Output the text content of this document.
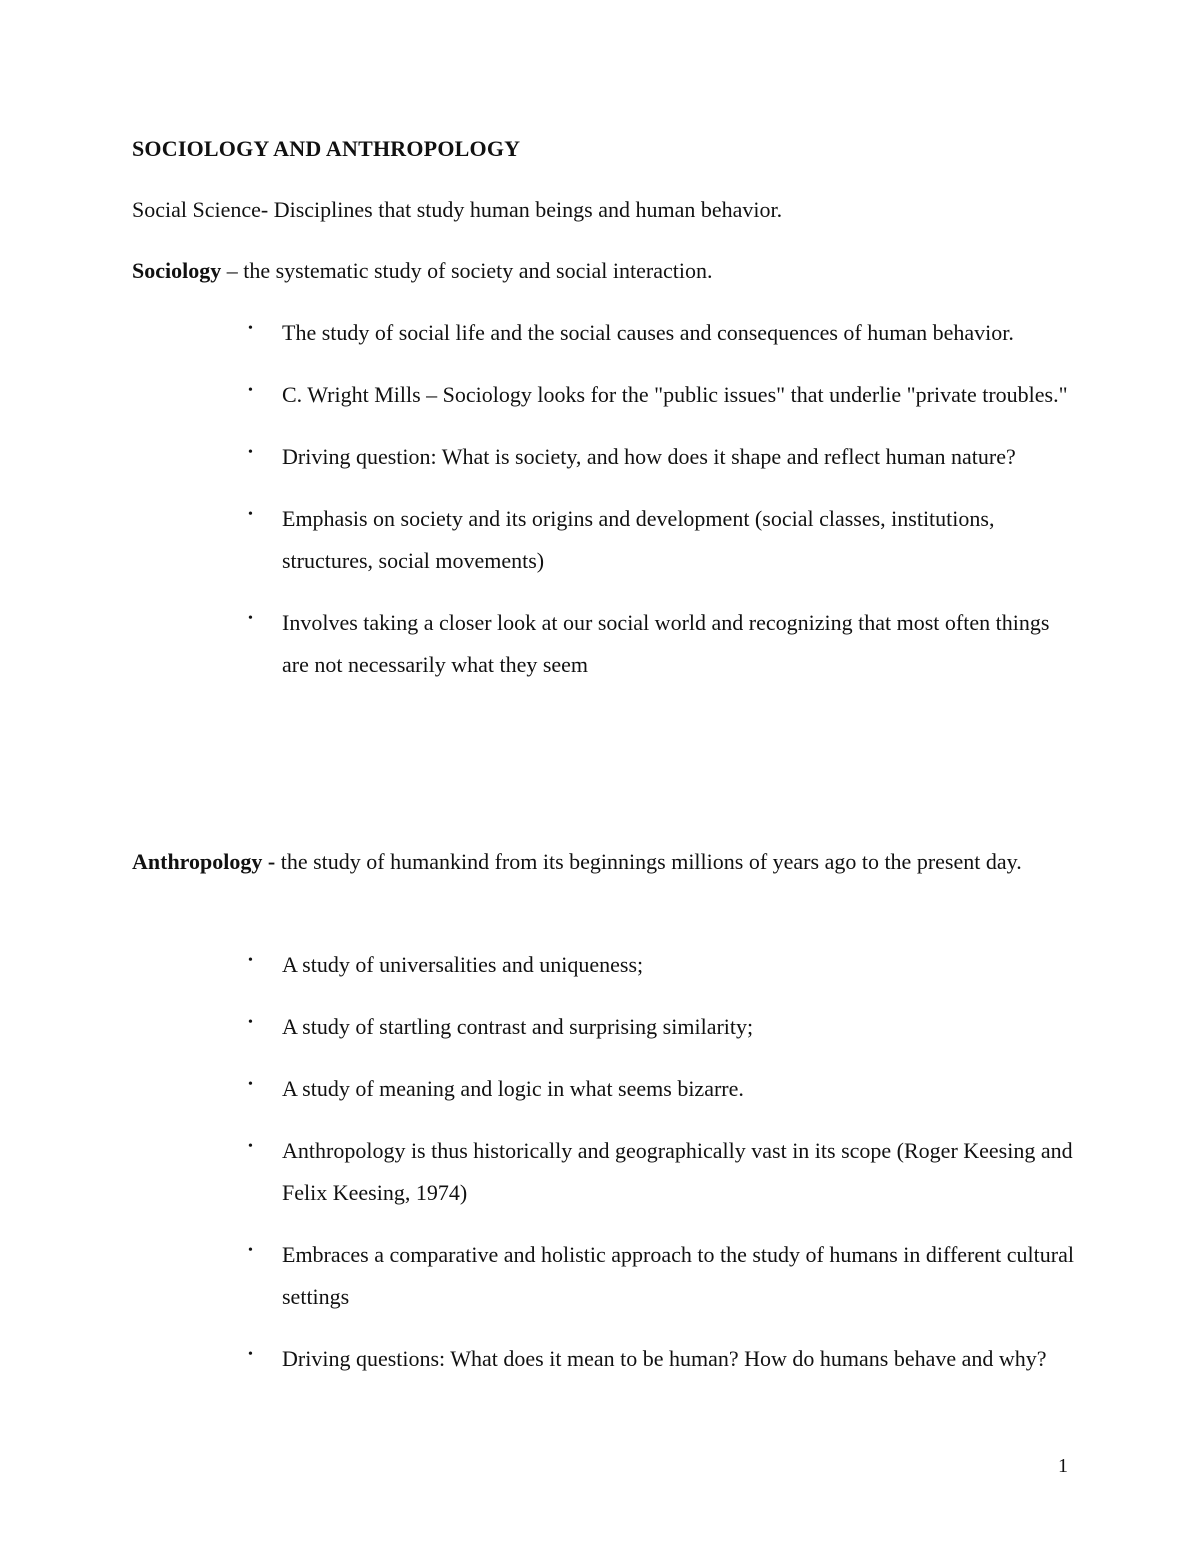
SOCIOLOGY AND ANTHROPOLOGY
Social Science- Disciplines that study human beings and human behavior.
Sociology – the systematic study of society and social interaction.
• The study of social life and the social causes and consequences of human behavior.
• C. Wright Mills – Sociology looks for the "public issues" that underlie "private troubles."
• Driving question: What is society, and how does it shape and reflect human nature?
• Emphasis on society and its origins and development (social classes, institutions, structures, social movements)
• Involves taking a closer look at our social world and recognizing that most often things are not necessarily what they seem
Anthropology - the study of humankind from its beginnings millions of years ago to the present day.
• A study of universalities and uniqueness;
• A study of startling contrast and surprising similarity;
• A study of meaning and logic in what seems bizarre.
• Anthropology is thus historically and geographically vast in its scope (Roger Keesing and Felix Keesing, 1974)
• Embraces a comparative and holistic approach to the study of humans in different cultural settings
• Driving questions: What does it mean to be human? How do humans behave and why?
1
